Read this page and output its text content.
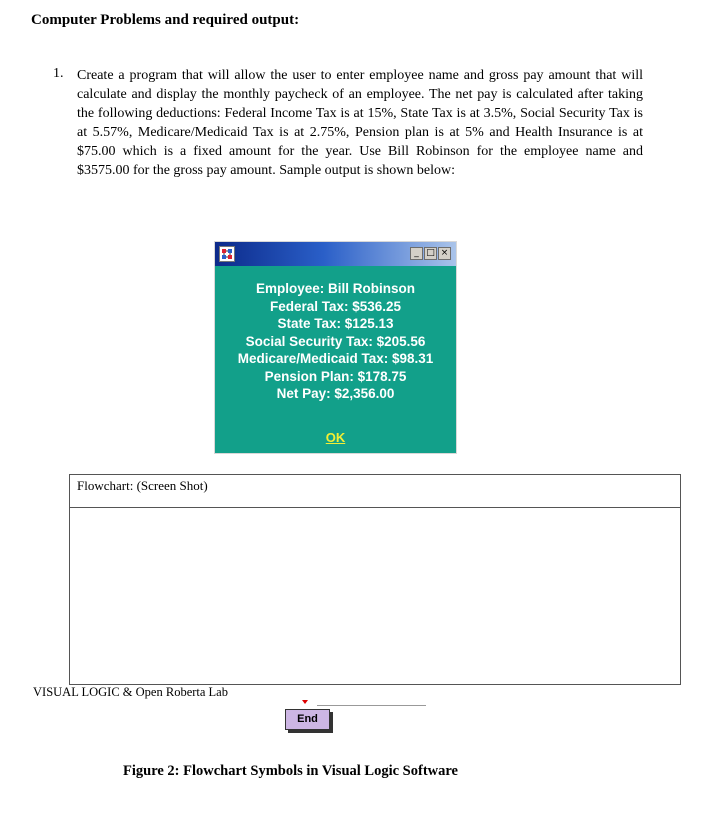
Computer Problems and required output:
1. Create a program that will allow the user to enter employee name and gross pay amount that will calculate and display the monthly paycheck of an employee. The net pay is calculated after taking the following deductions: Federal Income Tax is at 15%, State Tax is at 3.5%, Social Security Tax is at 5.57%, Medicare/Medicaid Tax is at 2.75%, Pension plan is at 5% and Health Insurance is at $75.00 which is a fixed amount for the year. Use Bill Robinson for the employee name and $3575.00 for the gross pay amount. Sample output is shown below:
_ □ ×
Employee: Bill Robinson
Federal Tax: $536.25
State Tax: $125.13
Social Security Tax: $205.56
Medicare/Medicaid Tax: $98.31
Pension Plan: $178.75
Net Pay: $2,356.00
OK
Flowchart: (Screen Shot)
VISUAL LOGIC & Open Roberta Lab
End
Figure 2: Flowchart Symbols in Visual Logic Software
